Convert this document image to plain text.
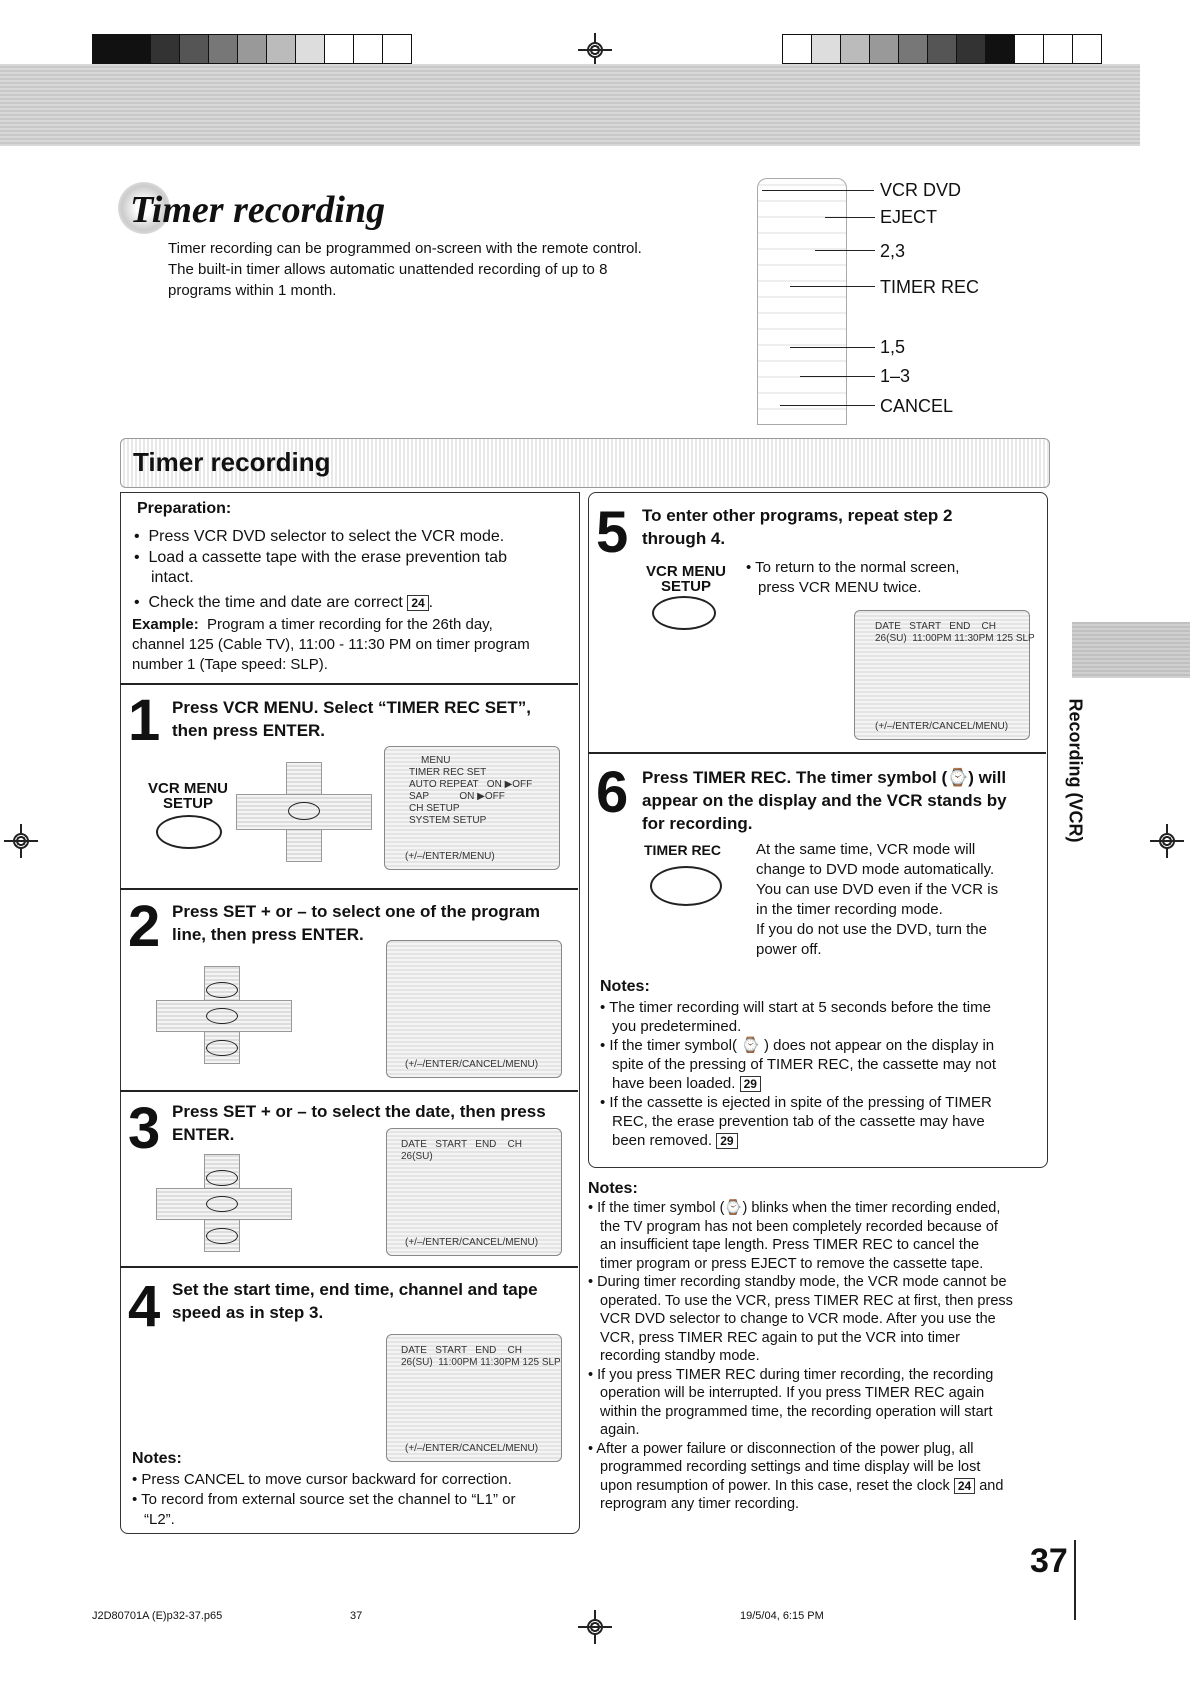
Timer recording
Timer recording can be programmed on-screen with the remote control.
The built-in timer allows automatic unattended recording of up to 8
programs within 1 month.
VCR DVD
EJECT
2,3
TIMER REC
1,5
1–3
CANCEL
Timer recording
Preparation:
•  Press VCR DVD selector to select the VCR mode.
•  Load a cassette tape with the erase prevention tab
intact.
•  Check the time and date are correct 24 .
Example: Program a timer recording for the 26th day,
channel 125 (Cable TV), 11:00 - 11:30 PM on timer program
number 1 (Tape speed: SLP).
1 Press VCR MENU. Select “TIMER REC SET”,
then press ENTER.
VCR MENU
SETUP
MENU
TIMER REC SET
AUTO REPEAT   ON ▶OFF
SAP           ON ▶OFF
CH SETUP
SYSTEM SETUP
(+/–/ENTER/MENU)
2 Press SET + or – to select one of the program
line, then press ENTER.
(+/–/ENTER/CANCEL/MENU)
3 Press SET + or – to select the date, then press
ENTER.
DATE   START   END    CH
26(SU)
(+/–/ENTER/CANCEL/MENU)
4 Set the start time, end time, channel and tape
speed as in step 3.
DATE   START   END    CH
26(SU)  11:00PM 11:30PM 125 SLP
(+/–/ENTER/CANCEL/MENU)
Notes:
• Press CANCEL to move cursor backward for correction.
• To record from external source set the channel to “L1” or
“L2”.
5 To enter other programs, repeat step 2
through 4.
VCR MENU
SETUP
• To return to the normal screen,
press VCR MENU twice.
DATE   START   END    CH
26(SU)  11:00PM 11:30PM 125 SLP
(+/–/ENTER/CANCEL/MENU)
6 Press TIMER REC. The timer symbol (⌚) will
appear on the display and the VCR stands by
for recording.
TIMER REC At the same time, VCR mode will
change to DVD mode automatically.
You can use DVD even if the VCR is
in the timer recording mode.
If you do not use the DVD, turn the
power off.
Notes:
• The timer recording will start at 5 seconds before the time
you predetermined.
• If the timer symbol( ⌚ ) does not appear on the display in
spite of the pressing of TIMER REC, the cassette may not
have been loaded. 29
• If the cassette is ejected in spite of the pressing of TIMER
REC, the erase prevention tab of the cassette may have
been removed. 29
Notes:
• If the timer symbol (⌚) blinks when the timer recording ended,
the TV program has not been completely recorded because of
an insufficient tape length. Press TIMER REC to cancel the
timer program or press EJECT to remove the cassette tape.
• During timer recording standby mode, the VCR mode cannot be
operated. To use the VCR, press TIMER REC at first, then press
VCR DVD selector to change to VCR mode. After you use the
VCR, press TIMER REC again to put the VCR into timer
recording standby mode.
• If you press TIMER REC during timer recording, the recording
operation will be interrupted. If you press TIMER REC again
within the programmed time, the recording operation will start
again.
• After a power failure or disconnection of the power plug, all
programmed recording settings and time display will be lost
upon resumption of power. In this case, reset the clock 24 and
reprogram any timer recording.
Recording (VCR)
37
J2D80701A (E)p32-37.p65	37	19/5/04, 6:15 PM
